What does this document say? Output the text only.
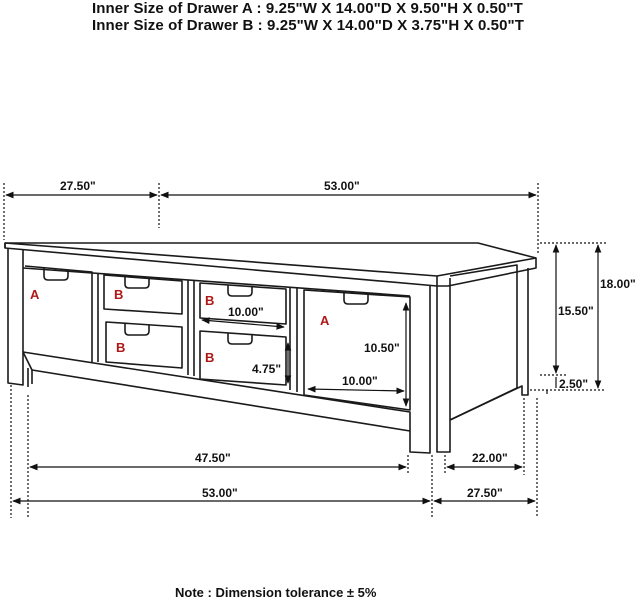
Inner Size of Drawer A : 9.25"W X 14.00"D X 9.50"H X 0.50"T
Inner Size of Drawer B : 9.25"W X 14.00"D X 3.75"H X 0.50"T
A	B
B
B
B
A
27.50"	53.00"
18.00"
15.50"
2.50"
47.50"	22.00"
53.00"	27.50"
10.00"
4.75"
10.50"
10.00"
Note : Dimension tolerance ± 5%
